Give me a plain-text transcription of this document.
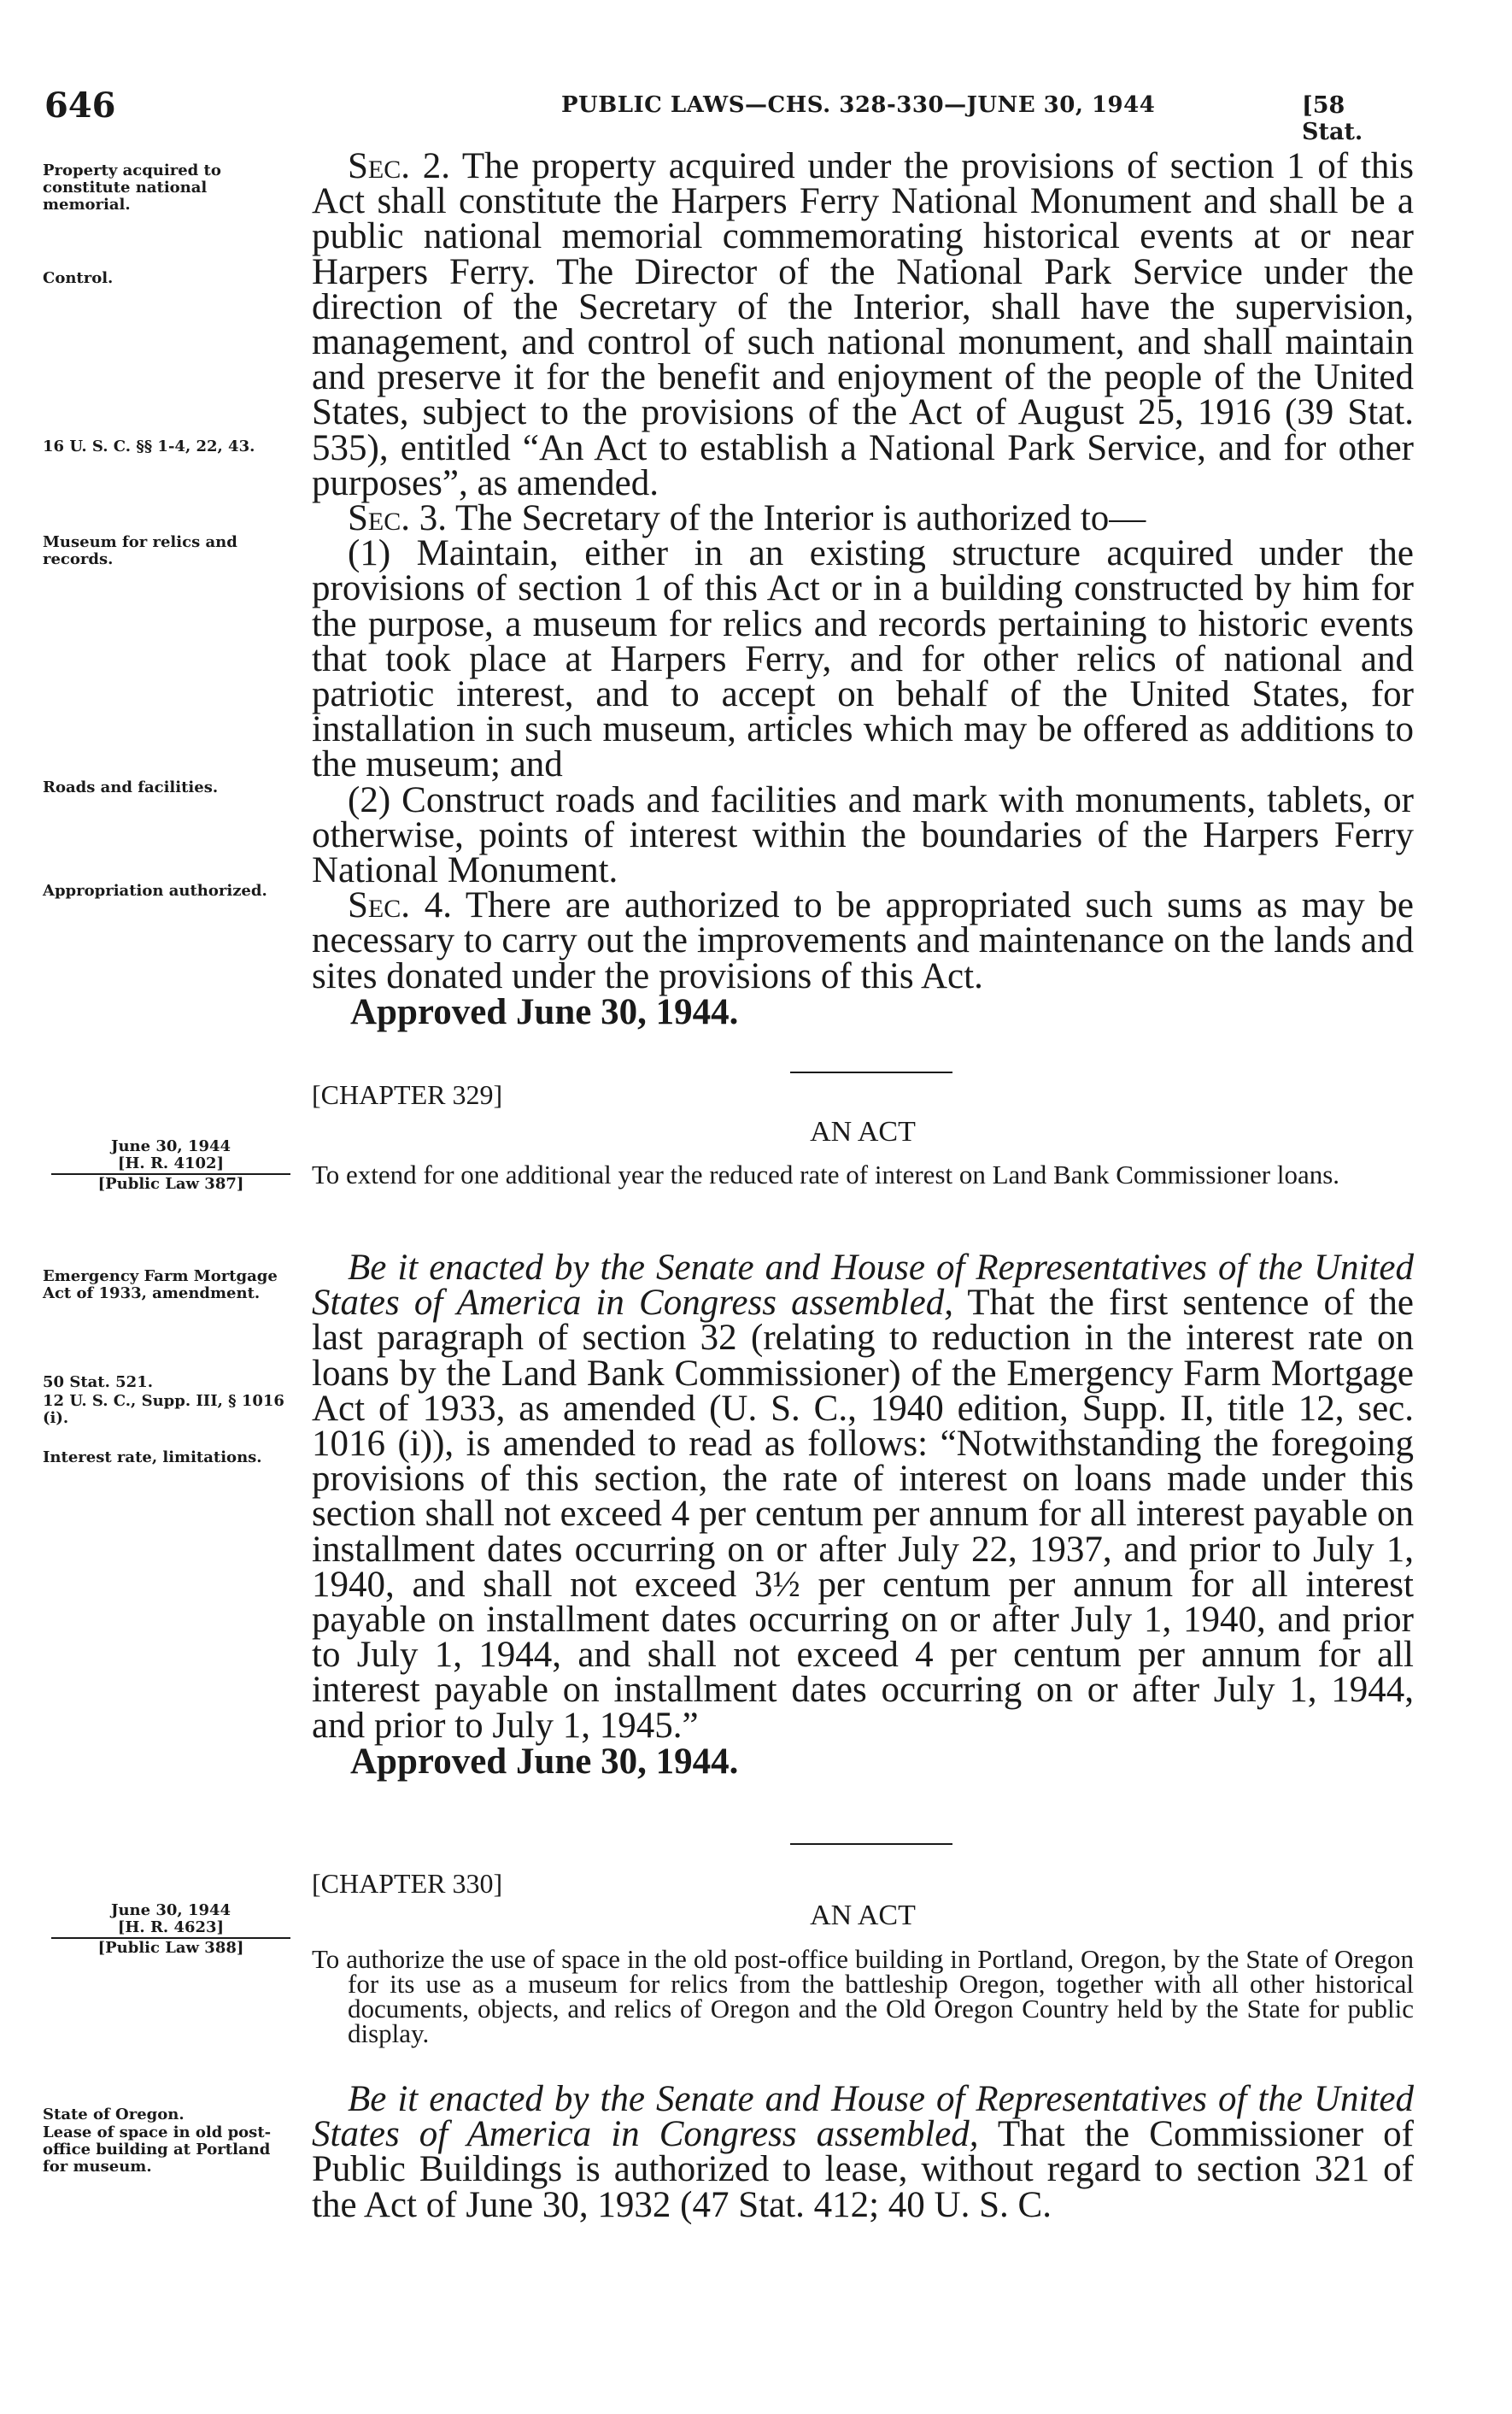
646	PUBLIC LAWS—CHS. 328-330—JUNE 30, 1944	[58 Stat.
Property acquired to constitute national memorial.
Control.
16 U. S. C. §§ 1-4, 22, 43.
Museum for relics and records.
Roads and facilities.
Appropriation authorized.
June 30, 1944
[H. R. 4102]
[Public Law 387]
Emergency Farm Mortgage Act of 1933, amendment.
50 Stat. 521.
12 U. S. C., Supp. III, § 1016 (i).
Interest rate, limitations.
June 30, 1944
[H. R. 4623]
[Public Law 388]
State of Oregon.
Lease of space in old post-office building at Portland for museum.

Sec. 2. The property acquired under the provisions of section 1 of this Act shall constitute the Harpers Ferry National Monument and shall be a public national memorial commemorating historical events at or near Harpers Ferry. The Director of the National Park Service under the direction of the Secretary of the Interior, shall have the supervision, management, and control of such national monument, and shall maintain and preserve it for the benefit and enjoyment of the people of the United States, subject to the provisions of the Act of August 25, 1916 (39 Stat. 535), entitled “An Act to establish a National Park Service, and for other purposes”, as amended.

Sec. 3. The Secretary of the Interior is authorized to—

(1) Maintain, either in an existing structure acquired under the provisions of section 1 of this Act or in a building constructed by him for the purpose, a museum for relics and records pertaining to historic events that took place at Harpers Ferry, and for other relics of national and patriotic interest, and to accept on behalf of the United States, for installation in such museum, articles which may be offered as additions to the museum; and

(2) Construct roads and facilities and mark with monuments, tablets, or otherwise, points of interest within the boundaries of the Harpers Ferry National Monument.

Sec. 4. There are authorized to be appropriated such sums as may be necessary to carry out the improvements and maintenance on the lands and sites donated under the provisions of this Act.

Approved June 30, 1944.

[CHAPTER 329]
AN ACT
To extend for one additional year the reduced rate of interest on Land Bank Commissioner loans.

Be it enacted by the Senate and House of Representatives of the United States of America in Congress assembled, That the first sentence of the last paragraph of section 32 (relating to reduction in the interest rate on loans by the Land Bank Commissioner) of the Emergency Farm Mortgage Act of 1933, as amended (U. S. C., 1940 edition, Supp. II, title 12, sec. 1016 (i)), is amended to read as follows: “Notwithstanding the foregoing provisions of this section, the rate of interest on loans made under this section shall not exceed 4 per centum per annum for all interest payable on installment dates occurring on or after July 22, 1937, and prior to July 1, 1940, and shall not exceed 3½ per centum per annum for all interest payable on installment dates occurring on or after July 1, 1940, and prior to July 1, 1944, and shall not exceed 4 per centum per annum for all interest payable on installment dates occurring on or after July 1, 1944, and prior to July 1, 1945.”

Approved June 30, 1944.

[CHAPTER 330]
AN ACT
To authorize the use of space in the old post-office building in Portland, Oregon, by the State of Oregon for its use as a museum for relics from the battleship Oregon, together with all other historical documents, objects, and relics of Oregon and the Old Oregon Country held by the State for public display.

Be it enacted by the Senate and House of Representatives of the United States of America in Congress assembled, That the Commissioner of Public Buildings is authorized to lease, without regard to section 321 of the Act of June 30, 1932 (47 Stat. 412; 40 U. S. C.
